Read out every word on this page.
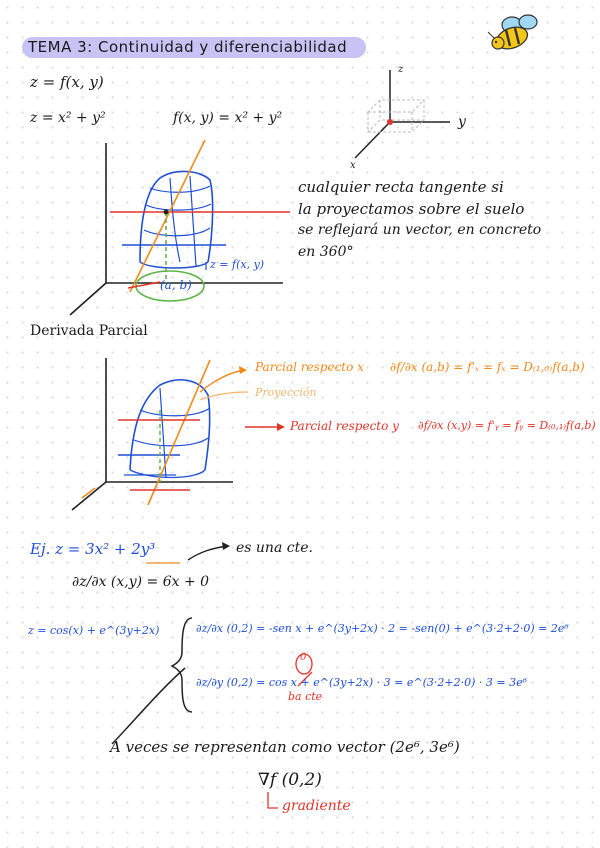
TEMA 3: Continuidad y diferenciabilidad
z = f(x, y)
z = x² + y²	f(x, y) = x² + y²
z
y
x
cualquier recta tangente si
la proyectamos sobre el suelo
se reflejará un vector, en concreto
en 360°
z = f(x, y)
(a, b)
Derivada Parcial
Parcial respecto x ∂f/∂x (a,b) = f'ₓ = fₓ = D₍₁,₀₎f(a,b)
Proyección
Parcial respecto y ∂f/∂x (x,y) = f'ᵧ = fᵧ = D₍₀,₁₎f(a,b)
Ej. z = 3x² + 2y³	es una cte.
∂z/∂x (x,y) = 6x + 0
z = cos(x) + e^(3y+2x)	∂z/∂x (0,2) = -sen x + e^(3y+2x) · 2 = -sen(0) + e^(3·2+2·0) = 2e⁶
∂z/∂y (0,2) = cos x + e^(3y+2x) · 3 = e^(3·2+2·0) · 3 = 3e⁶
0
ba cte
A veces se representan como vector (2e⁶, 3e⁶)
∇f (0,2)
gradiente
